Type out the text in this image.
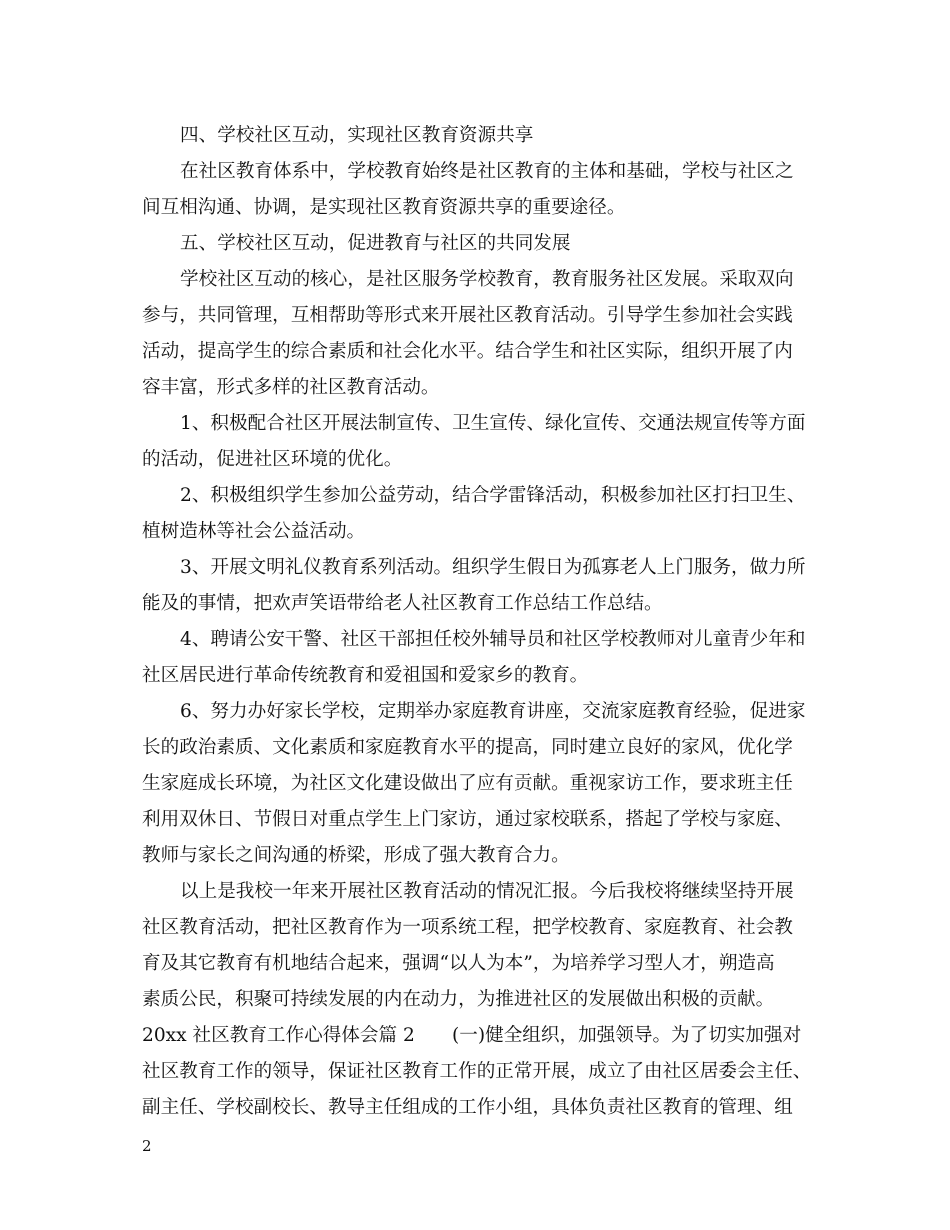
四、学校社区互动，实现社区教育资源共享
在社区教育体系中，学校教育始终是社区教育的主体和基础，学校与社区之
间互相沟通、协调，是实现社区教育资源共享的重要途径。
五、学校社区互动，促进教育与社区的共同发展
学校社区互动的核心，是社区服务学校教育，教育服务社区发展。采取双向
参与，共同管理，互相帮助等形式来开展社区教育活动。引导学生参加社会实践
活动，提高学生的综合素质和社会化水平。结合学生和社区实际，组织开展了内
容丰富，形式多样的社区教育活动。
1、积极配合社区开展法制宣传、卫生宣传、绿化宣传、交通法规宣传等方面
的活动，促进社区环境的优化。
2、积极组织学生参加公益劳动，结合学雷锋活动，积极参加社区打扫卫生、
植树造林等社会公益活动。
3、开展文明礼仪教育系列活动。组织学生假日为孤寡老人上门服务，做力所
能及的事情，把欢声笑语带给老人社区教育工作总结工作总结。
4、聘请公安干警、社区干部担任校外辅导员和社区学校教师对儿童青少年和
社区居民进行革命传统教育和爱祖国和爱家乡的教育。
6、努力办好家长学校，定期举办家庭教育讲座，交流家庭教育经验，促进家
长的政治素质、文化素质和家庭教育水平的提高，同时建立良好的家风，优化学
生家庭成长环境，为社区文化建设做出了应有贡献。重视家访工作，要求班主任
利用双休日、节假日对重点学生上门家访，通过家校联系，搭起了学校与家庭、
教师与家长之间沟通的桥梁，形成了强大教育合力。
以上是我校一年来开展社区教育活动的情况汇报。今后我校将继续坚持开展
社区教育活动，把社区教育作为一项系统工程，把学校教育、家庭教育、社会教
育及其它教育有机地结合起来，强调“以人为本”，为培养学习型人才，朔造高
素质公民，积聚可持续发展的内在动力，为推进社区的发展做出积极的贡献。
20xx 社区教育工作心得体会篇 2　　(一)健全组织，加强领导。为了切实加强对
社区教育工作的领导，保证社区教育工作的正常开展，成立了由社区居委会主任、
副主任、学校副校长、教导主任组成的工作小组，具体负责社区教育的管理、组
2
